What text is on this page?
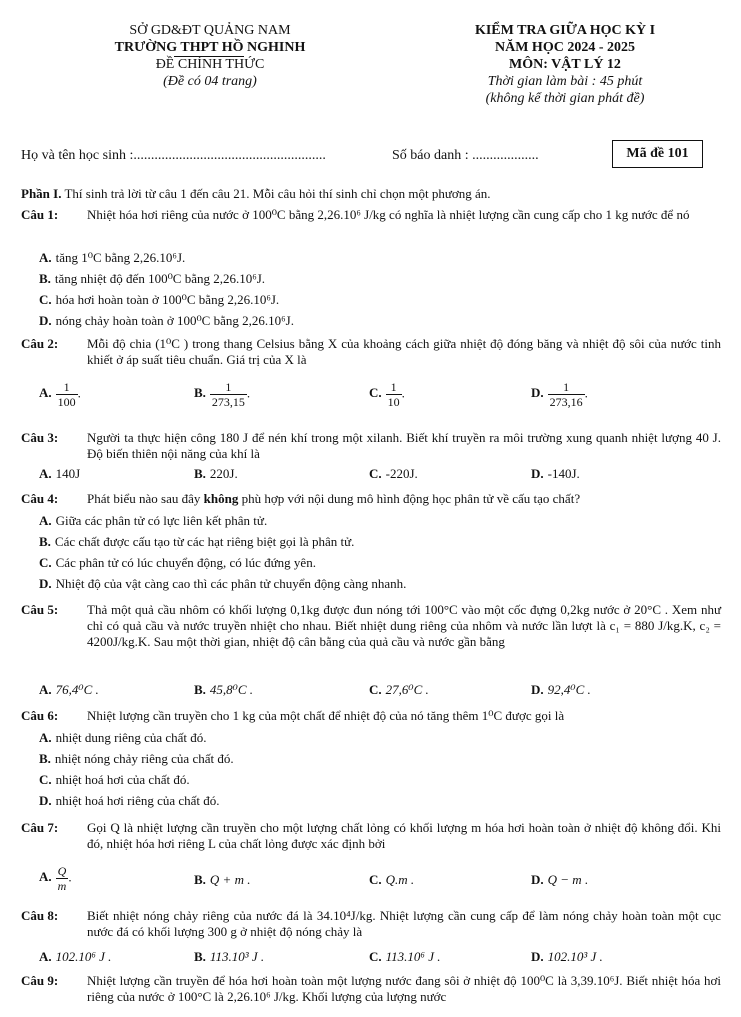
SỞ GD&ĐT QUẢNG NAM
TRƯỜNG THPT HỒ NGHINH
ĐỀ CHÍNH THỨC
(Đề có 04 trang)
KIỂM TRA GIỮA HỌC KỲ I
NĂM HỌC 2024 - 2025
MÔN: VẬT LÝ 12
Thời gian làm bài : 45 phút
(không kể thời gian phát đề)
Họ và tên học sinh :.......................................................	Số báo danh : ...................	Mã đề 101
Phần I. Thí sinh trả lời từ câu 1 đến câu 21. Mỗi câu hỏi thí sinh chỉ chọn một phương án.
Câu 1: Nhiệt hóa hơi riêng của nước ở 100⁰C bằng 2,26.10⁶ J/kg có nghĩa là nhiệt lượng cần cung cấp cho 1 kg nước để nó
A. tăng 1⁰C bằng 2,26.10⁶J.
B. tăng nhiệt độ đến 100⁰C bằng 2,26.10⁶J.
C. hóa hơi hoàn toàn ở 100⁰C bằng 2,26.10⁶J.
D. nóng chảy hoàn toàn ở 100⁰C bằng 2,26.10⁶J.
Câu 2: Mỗi độ chia (1⁰C ) trong thang Celsius bằng X của khoảng cách giữa nhiệt độ đóng băng và nhiệt độ sôi của nước tinh khiết ở áp suất tiêu chuẩn. Giá trị của X là
A. $\frac{1}{100}$ .	B. $\frac{1}{273,15}$ .	C. $\frac{1}{10}$ .	D. $\frac{1}{273,16}$ .
Câu 3: Người ta thực hiện công 180 J để nén khí trong một xilanh. Biết khí truyền ra môi trường xung quanh nhiệt lượng 40 J. Độ biến thiên nội năng của khí là
A. 140J	B. 220J.	C. -220J.	D. -140J.
Câu 4: Phát biểu nào sau đây không phù hợp với nội dung mô hình động học phân tử về cấu tạo chất?
A. Giữa các phân tử có lực liên kết phân tử.
B. Các chất được cấu tạo từ các hạt riêng biệt gọi là phân tử.
C. Các phân tử có lúc chuyển động, có lúc đứng yên.
D. Nhiệt độ của vật càng cao thì các phân tử chuyển động càng nhanh.
Câu 5: Thả một quả cầu nhôm có khối lượng 0,1kg được đun nóng tới 100°C vào một cốc đựng 0,2kg nước ở 20°C . Xem như chỉ có quả cầu và nước truyền nhiệt cho nhau. Biết nhiệt dung riêng của nhôm và nước lần lượt là c₁ = 880 J/kg.K, c₂ = 4200J/kg.K. Sau một thời gian, nhiệt độ cân bằng của quả cầu và nước gần bằng
A. 76,4⁰C .	B. 45,8⁰C .	C. 27,6⁰C .	D. 92,4⁰C .
Câu 6: Nhiệt lượng cần truyền cho 1 kg của một chất để nhiệt độ của nó tăng thêm 1⁰C được gọi là
A. nhiệt dung riêng của chất đó.
B. nhiệt nóng chảy riêng của chất đó.
C. nhiệt hoá hơi của chất đó.
D. nhiệt hoá hơi riêng của chất đó.
Câu 7: Gọi Q là nhiệt lượng cần truyền cho một lượng chất lỏng có khối lượng m hóa hơi hoàn toàn ở nhiệt độ không đổi. Khi đó, nhiệt hóa hơi riêng L của chất lỏng được xác định bởi
A. $\frac{Q}{m}$ .	B. Q + m .	C. Q.m .	D. Q − m .
Câu 8: Biết nhiệt nóng chảy riêng của nước đá là 34.10⁴J/kg. Nhiệt lượng cần cung cấp để làm nóng chảy hoàn toàn một cục nước đá có khối lượng 300 g ở nhiệt độ nóng chảy là
A. 102.10⁶ J .	B. 113.10³ J .	C. 113.10⁶ J .	D. 102.10³ J .
Câu 9: Nhiệt lượng cần truyền để hóa hơi hoàn toàn một lượng nước đang sôi ở nhiệt độ 100⁰C là 3,39.10⁶J. Biết nhiệt hóa hơi riêng của nước ở 100°C là 2,26.10⁶ J/kg. Khối lượng của lượng nước
